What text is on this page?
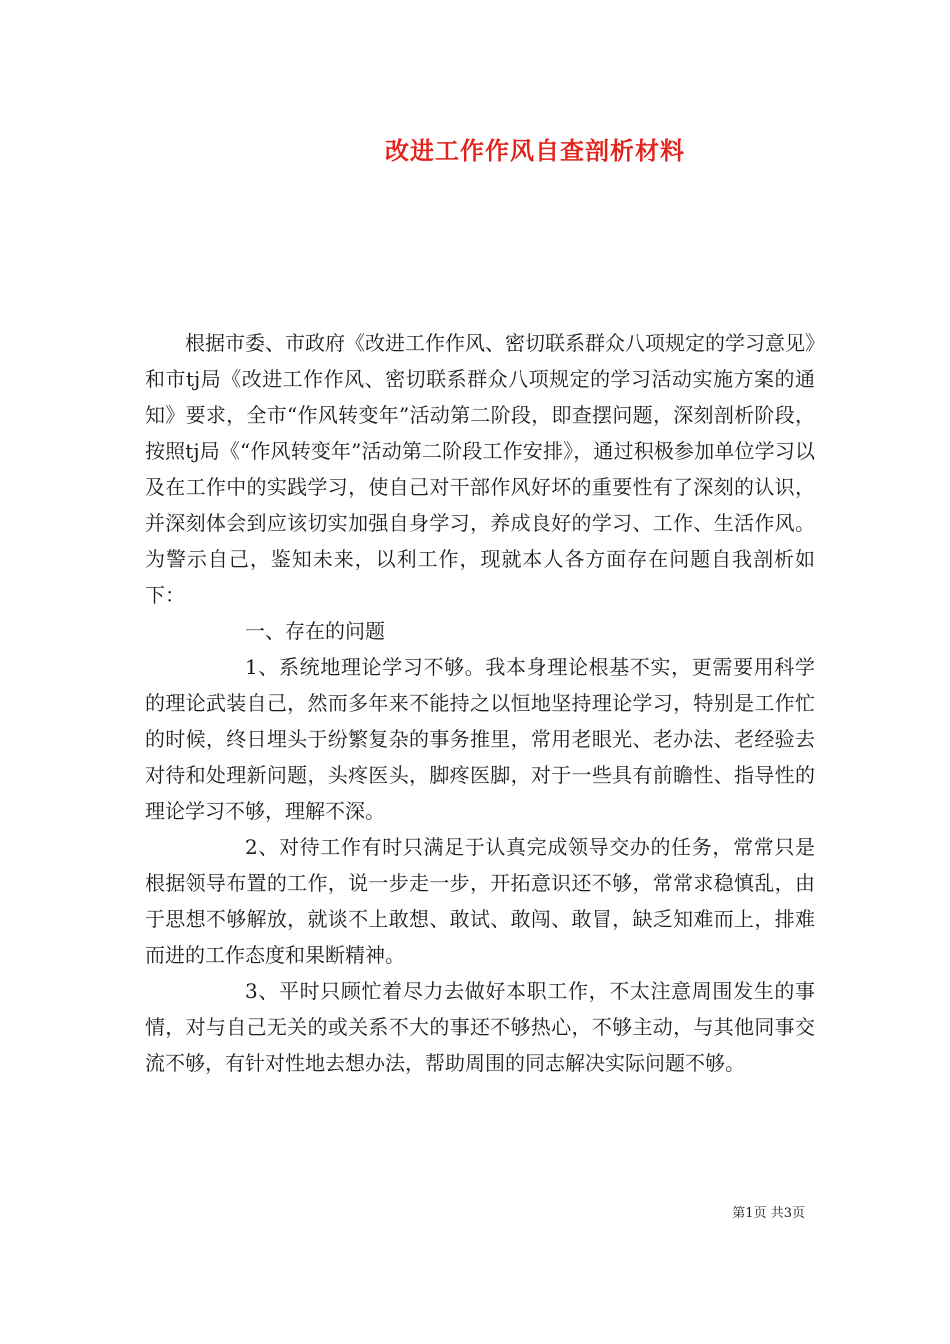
改进工作作风自查剖析材料

根据市委、市政府《改进工作作风、密切联系群众八项规定的学习意见》和市tj局《改进工作作风、密切联系群众八项规定的学习活动实施方案的通知》要求，全市“作风转变年”活动第二阶段，即查摆问题，深刻剖析阶段，按照tj局《“作风转变年”活动第二阶段工作安排》，通过积极参加单位学习以及在工作中的实践学习，使自己对干部作风好坏的重要性有了深刻的认识，并深刻体会到应该切实加强自身学习，养成良好的学习、工作、生活作风。为警示自己，鉴知未来，以利工作，现就本人各方面存在问题自我剖析如下：

一、存在的问题

1、系统地理论学习不够。我本身理论根基不实，更需要用科学的理论武装自己，然而多年来不能持之以恒地坚持理论学习，特别是工作忙的时候，终日埋头于纷繁复杂的事务推里，常用老眼光、老办法、老经验去对待和处理新问题，头疼医头，脚疼医脚，对于一些具有前瞻性、指导性的理论学习不够，理解不深。

2、对待工作有时只满足于认真完成领导交办的任务，常常只是根据领导布置的工作，说一步走一步，开拓意识还不够，常常求稳慎乱，由于思想不够解放，就谈不上敢想、敢试、敢闯、敢冒，缺乏知难而上，排难而进的工作态度和果断精神。

3、平时只顾忙着尽力去做好本职工作，不太注意周围发生的事情，对与自己无关的或关系不大的事还不够热心，不够主动，与其他同事交流不够，有针对性地去想办法，帮助周围的同志解决实际问题不够。

第1页 共3页
